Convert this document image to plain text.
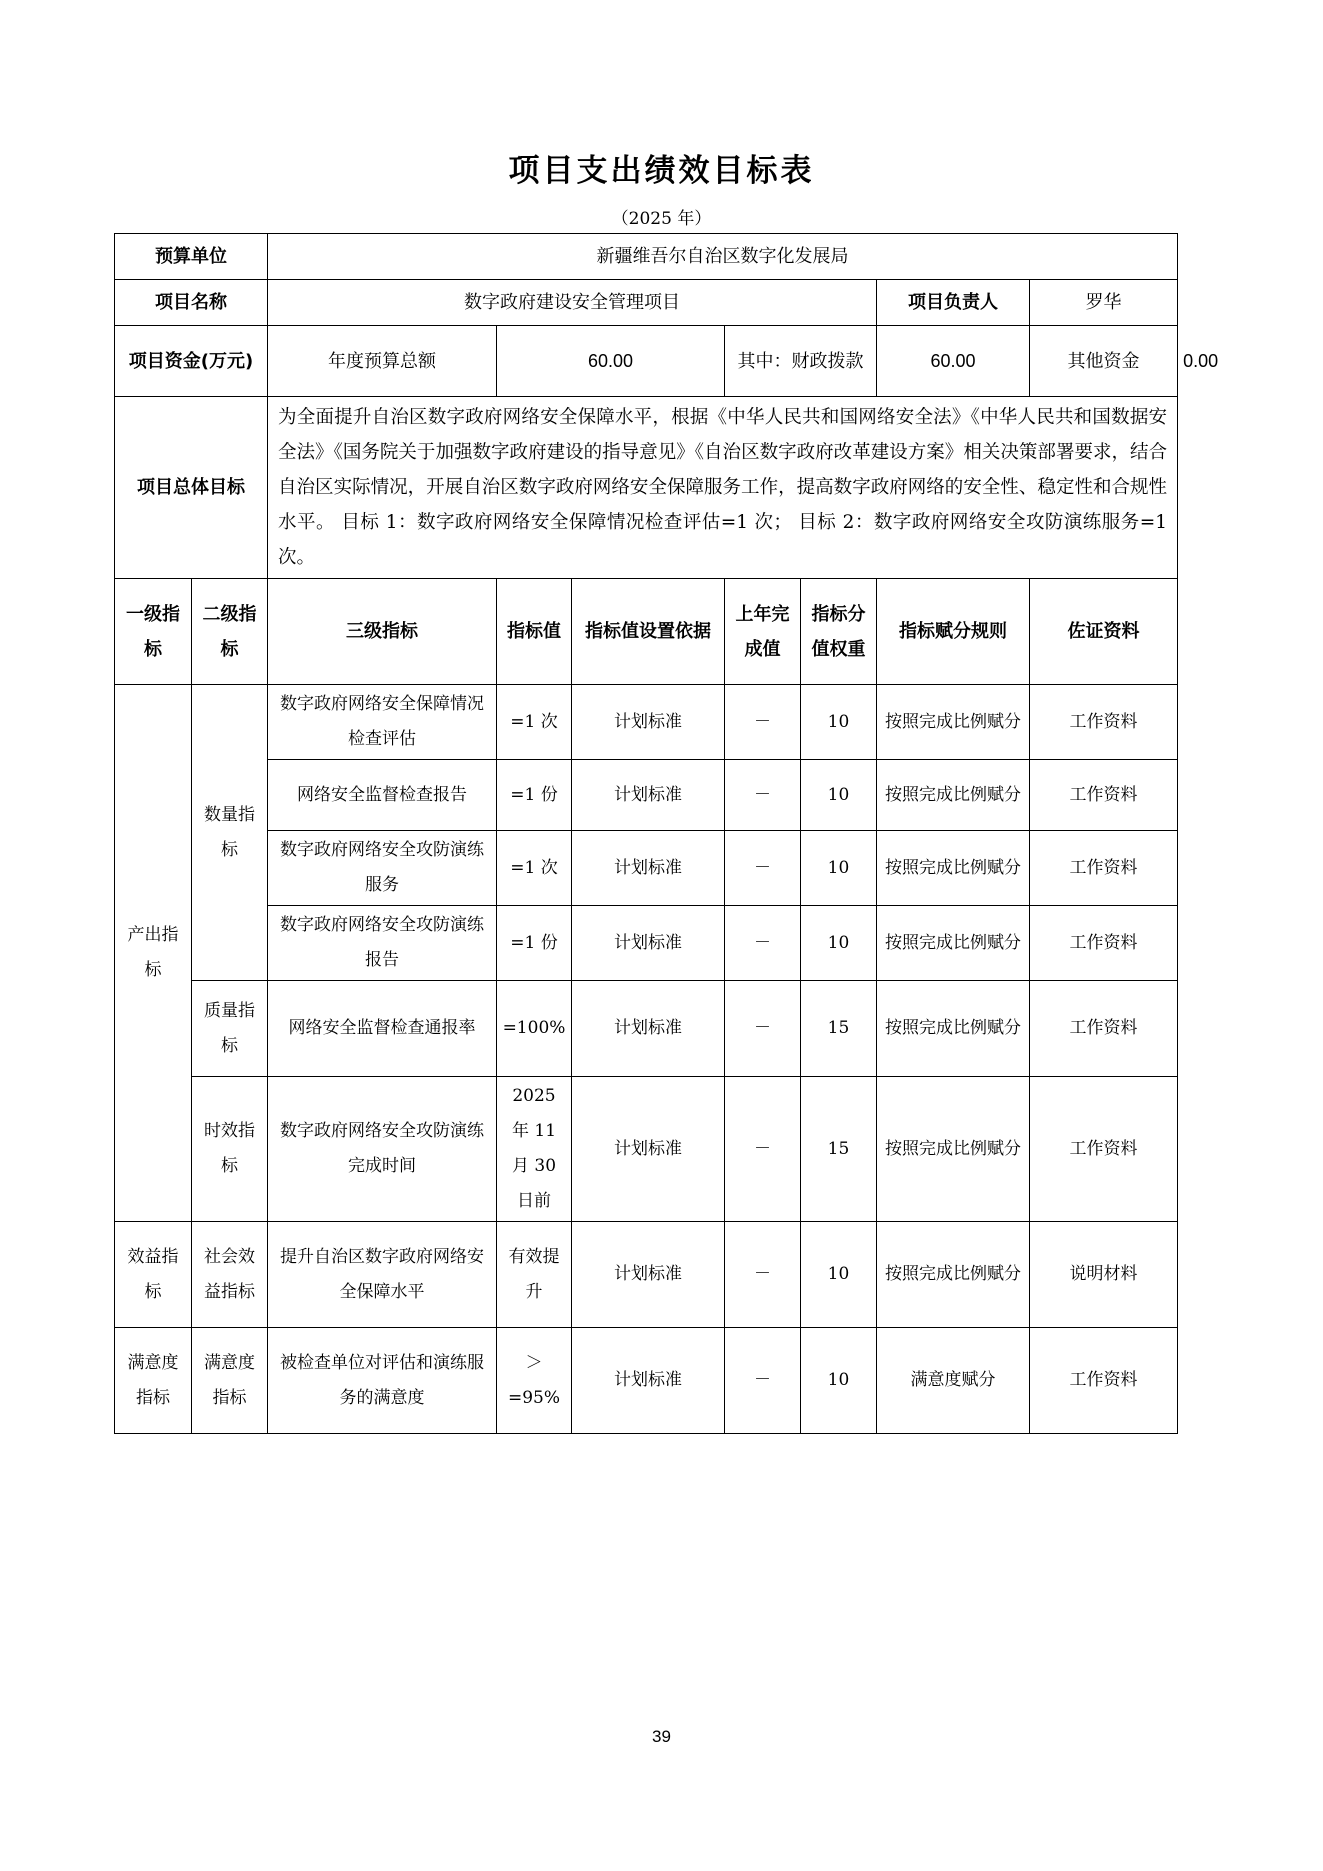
项目支出绩效目标表
（2025 年）
预算单位		新疆维吾尔自治区数字化发展局							
项目名称		数字政府建设安全管理项目					项目负责人	罗华	
项目资金(万元)		年度预算总额	60.00		其中：财政拨款		60.00	其他资金	0.00
项目总体目标		为全面提升自治区数字政府网络安全保障水平，根据《中华人民共和国网络安全法》《中华人民共和国数据安全法》《国务院关于加强数字政府建设的指导意见》《自治区数字政府改革建设方案》相关决策部署要求，结合自治区实际情况，开展自治区数字政府网络安全保障服务工作，提高数字政府网络的安全性、稳定性和合规性水平。 目标 1：数字政府网络安全保障情况检查评估=1 次； 目标 2：数字政府网络安全攻防演练服务=1 次。							
一级指标	二级指标	三级指标	指标值	指标值设置依据	上年完成值	指标分值权重	指标赋分规则	佐证资料	
产出指标	数量指标	数字政府网络安全保障情况检查评估	=1 次	计划标准	－	10	按照完成比例赋分	工作资料	
		网络安全监督检查报告	=1 份	计划标准	－	10	按照完成比例赋分	工作资料	
		数字政府网络安全攻防演练服务	=1 次	计划标准	－	10	按照完成比例赋分	工作资料	
		数字政府网络安全攻防演练报告	=1 份	计划标准	－	10	按照完成比例赋分	工作资料	
	质量指标	网络安全监督检查通报率	=100%	计划标准	－	15	按照完成比例赋分	工作资料	
	时效指标	数字政府网络安全攻防演练完成时间	2025 年 11 月 30 日前	计划标准	－	15	按照完成比例赋分	工作资料	
效益指标	社会效益指标	提升自治区数字政府网络安全保障水平	有效提升	计划标准	－	10	按照完成比例赋分	说明材料	
满意度指标	满意度指标	被检查单位对评估和演练服务的满意度	＞=95%	计划标准	－	10	满意度赋分	工作资料	
39
